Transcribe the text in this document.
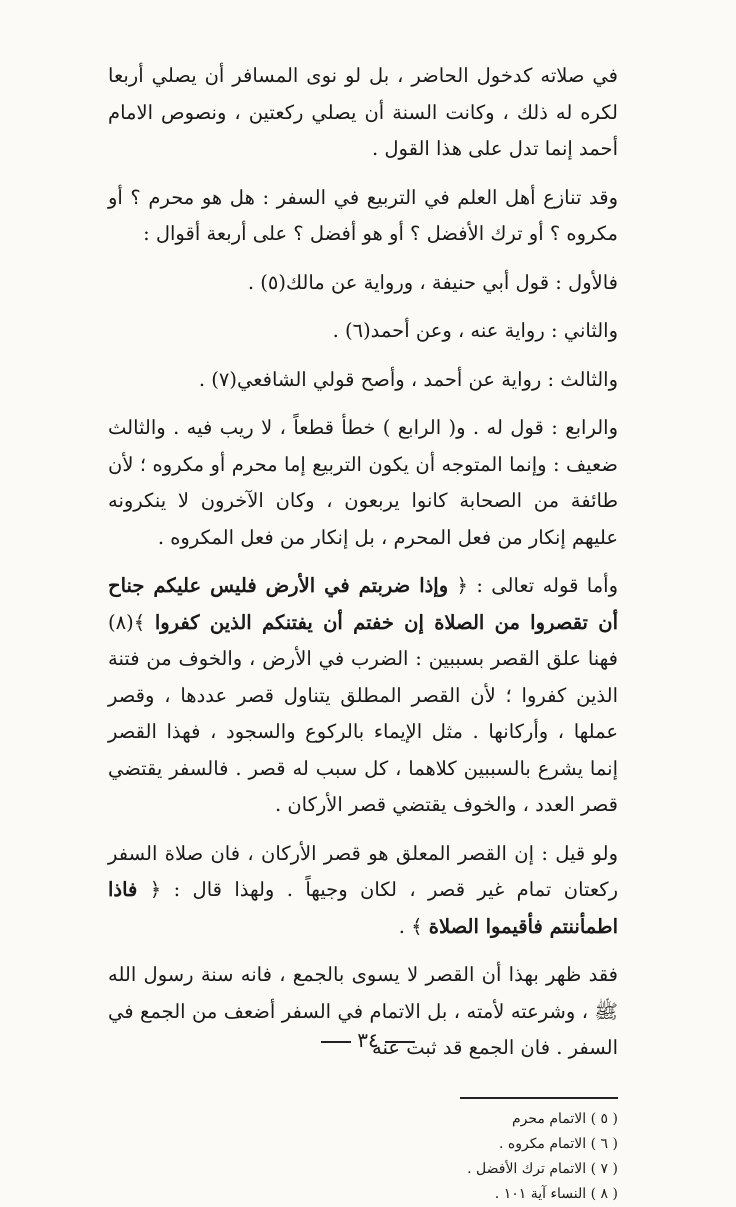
في صلاته كدخول الحاضر ، بل لو نوى المسافر أن يصلي أربعا لكره له ذلك ، وكانت السنة أن يصلي ركعتين ، ونصوص الامام أحمد إنما تدل على هذا القول .

وقد تنازع أهل العلم في التربيع في السفر : هل هو محرم ؟ أو مكروه ؟ أو ترك الأفضل ؟ أو هو أفضل ؟ على أربعة أقوال :

فالأول : قول أبي حنيفة ، ورواية عن مالك(٥) .

والثاني : رواية عنه ، وعن أحمد(٦) .

والثالث : رواية عن أحمد ، وأصح قولي الشافعي(٧) .

والرابع : قول له . و( الرابع ) خطأ قطعاً ، لا ريب فيه . والثالث ضعيف : وإنما المتوجه أن يكون التربيع إما محرم أو مكروه ؛ لأن طائفة من الصحابة كانوا يربعون ، وكان الآخرون لا ينكرونه عليهم إنكار من فعل المحرم ، بل إنكار من فعل المكروه .

وأما قوله تعالى : ﴿ وإذا ضربتم في الأرض فليس عليكم جناح أن تقصروا من الصلاة إن خفتم أن يفتنكم الذين كفروا ﴾(٨) فهنا علق القصر بسببين : الضرب في الأرض ، والخوف من فتنة الذين كفروا ؛ لأن القصر المطلق يتناول قصر عددها ، وقصر عملها ، وأركانها . مثل الإيماء بالركوع والسجود ، فهذا القصر إنما يشرع بالسببين كلاهما ، كل سبب له قصر . فالسفر يقتضي قصر العدد ، والخوف يقتضي قصر الأركان .

ولو قيل : إن القصر المعلق هو قصر الأركان ، فان صلاة السفر ركعتان تمام غير قصر ، لكان وجيهاً . ولهذا قال : ﴿ فاذا اطمأننتم فأقيموا الصلاة ﴾ .

فقد ظهر بهذا أن القصر لا يسوى بالجمع ، فانه سنة رسول الله ﷺ ، وشرعته لأمته ، بل الاتمام في السفر أضعف من الجمع في السفر . فان الجمع قد ثبت عنه

( ٥ ) الاتمام محرم
( ٦ ) الاتمام مكروه .
( ٧ ) الاتمام ترك الأفضل .
( ٨ ) النساء آية ١٠١ .
٣٤
